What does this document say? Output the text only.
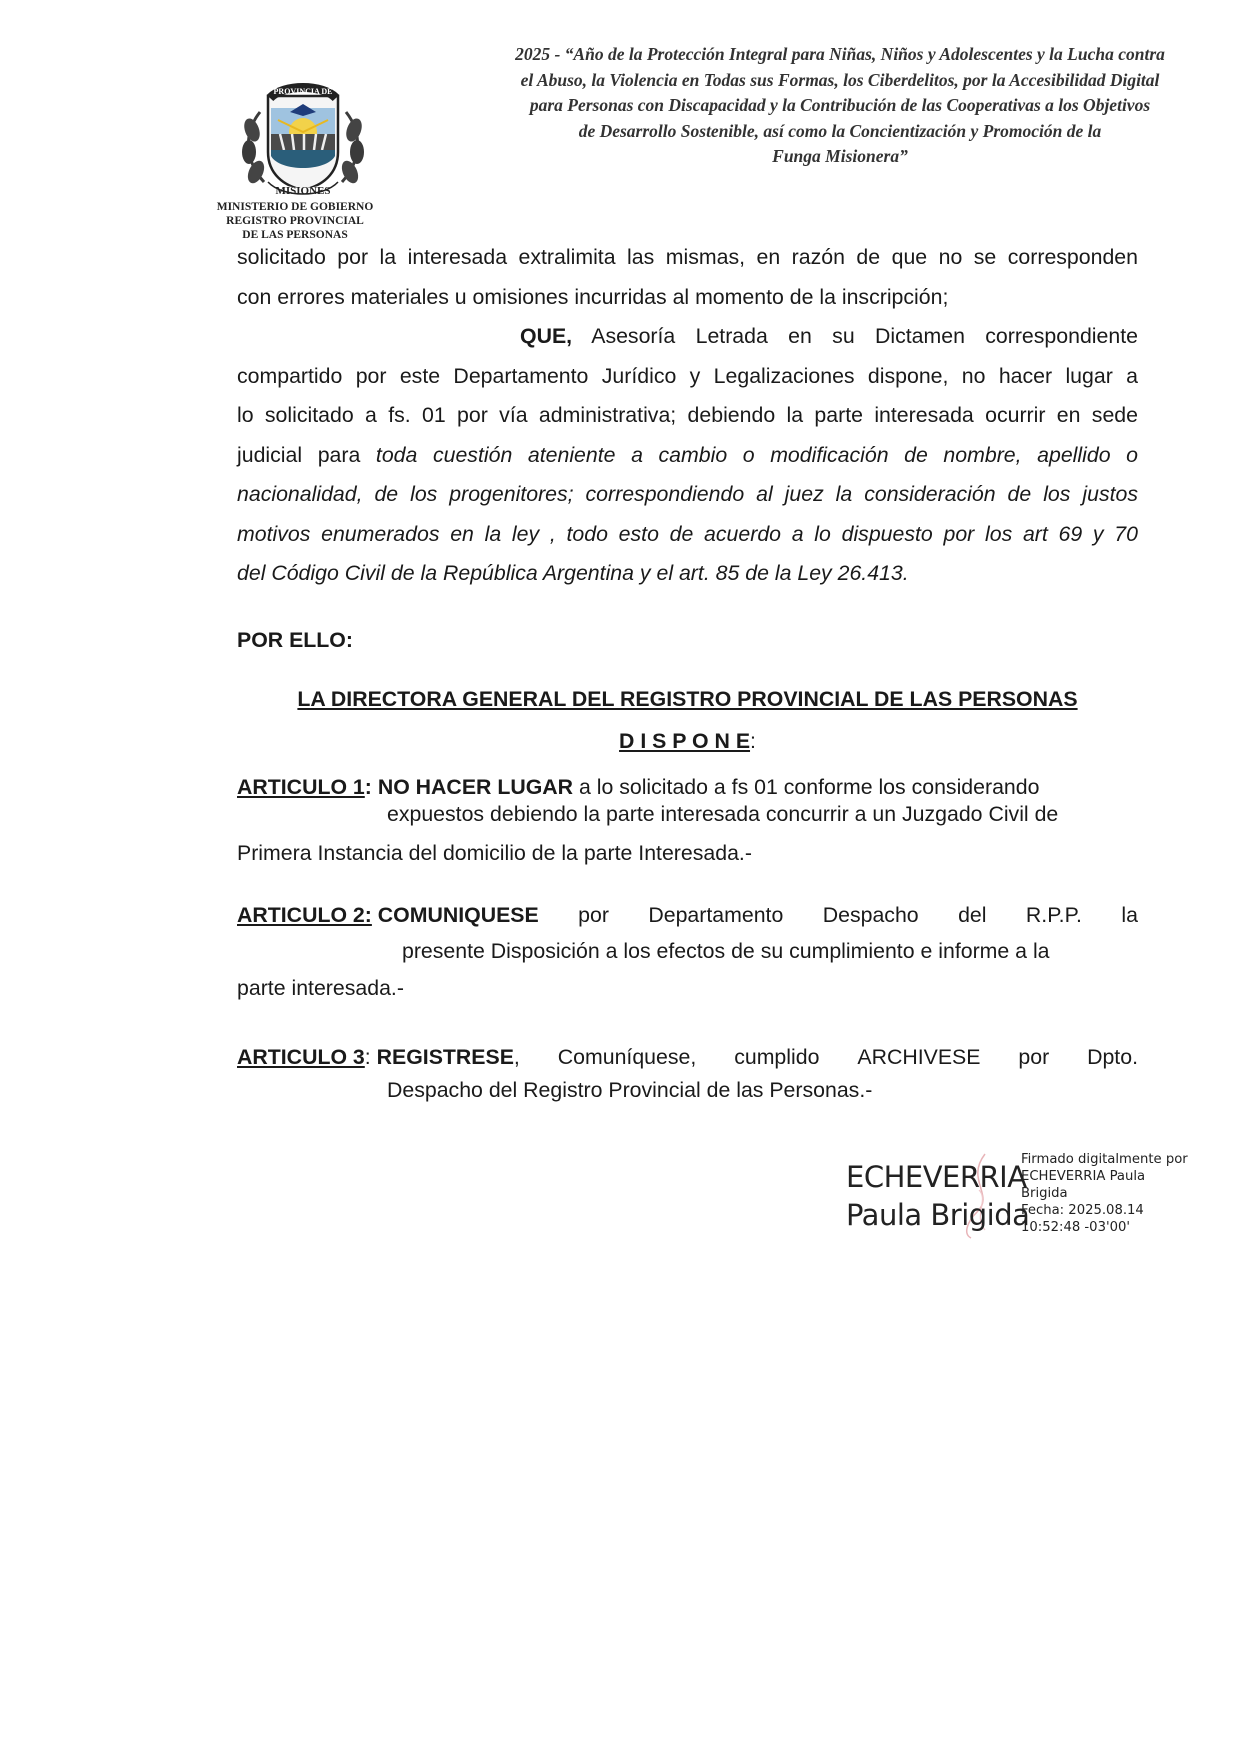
PROVINCIA DE
MISIONES
MINISTERIO DE GOBIERNO
REGISTRO PROVINCIAL
DE LAS PERSONAS
2025 - “Año de la Protección Integral para Niñas, Niños y Adolescentes y la Lucha contra
el Abuso, la Violencia en Todas sus Formas, los Ciberdelitos, por la Accesibilidad Digital
para Personas con Discapacidad y la Contribución de las Cooperativas a los Objetivos
de Desarrollo Sostenible, así como la Concientización y Promoción de la
Funga Misionera”
solicitado por la interesada extralimita las mismas, en razón de que no se corresponden
con errores materiales u omisiones incurridas al momento de la inscripción;
QUE, Asesoría Letrada en su Dictamen correspondiente
compartido por este Departamento Jurídico y Legalizaciones dispone, no hacer lugar a
lo solicitado a fs. 01 por vía administrativa; debiendo la parte interesada ocurrir en sede
judicial para toda cuestión ateniente a cambio o modificación de nombre, apellido o
nacionalidad, de los progenitores; correspondiendo al juez la consideración de los justos
motivos enumerados en la ley , todo esto de acuerdo a lo dispuesto por los art 69 y 70
del Código Civil de la República Argentina y el art. 85 de la Ley 26.413.
POR ELLO:
LA DIRECTORA GENERAL DEL REGISTRO PROVINCIAL DE LAS PERSONAS
D I S P O N E:
ARTICULO 1: NO HACER LUGAR a lo solicitado a fs 01 conforme los considerando
expuestos debiendo la parte interesada concurrir a un Juzgado Civil de
Primera Instancia del domicilio de la parte Interesada.-
ARTICULO 2: COMUNIQUESE por Departamento Despacho del R.P.P. la
presente Disposición a los efectos de su cumplimiento e informe a la
parte interesada.-
ARTICULO 3: REGISTRESE, Comuníquese, cumplido ARCHIVESE por Dpto.
Despacho del Registro Provincial de las Personas.-
ECHEVERRIA
Paula Brigida
Firmado digitalmente por
ECHEVERRIA Paula
Brigida
Fecha: 2025.08.14
10:52:48 -03'00'
